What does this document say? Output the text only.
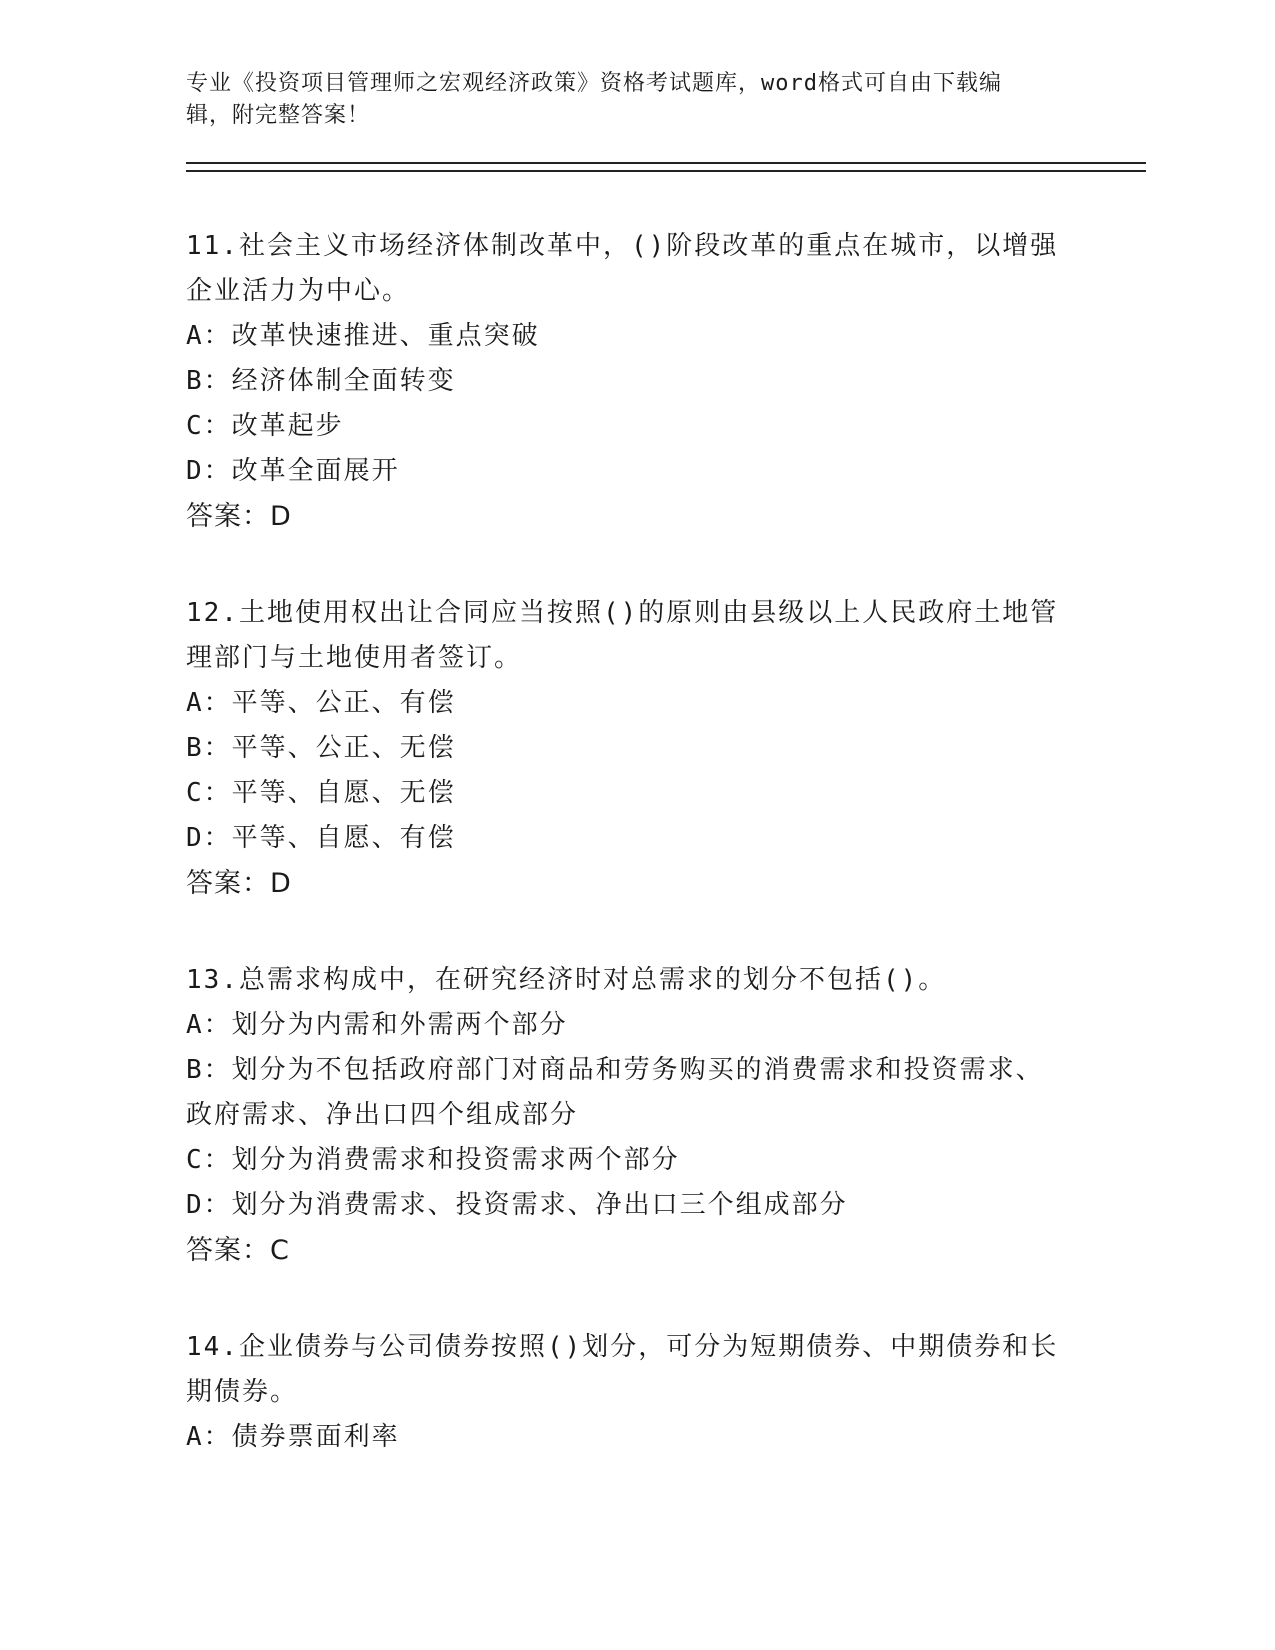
专业《投资项目管理师之宏观经济政策》资格考试题库，word格式可自由下载编

辑，附完整答案！

11.社会主义市场经济体制改革中，()阶段改革的重点在城市，以增强

企业活力为中心。

A：改革快速推进、重点突破

B：经济体制全面转变

C：改革起步

D：改革全面展开

答案：D

12.土地使用权出让合同应当按照()的原则由县级以上人民政府土地管

理部门与土地使用者签订。

A：平等、公正、有偿

B：平等、公正、无偿

C：平等、自愿、无偿

D：平等、自愿、有偿

答案：D

13.总需求构成中，在研究经济时对总需求的划分不包括()。

A：划分为内需和外需两个部分

B：划分为不包括政府部门对商品和劳务购买的消费需求和投资需求、

政府需求、净出口四个组成部分

C：划分为消费需求和投资需求两个部分

D：划分为消费需求、投资需求、净出口三个组成部分

答案：C

14.企业债券与公司债券按照()划分，可分为短期债券、中期债券和长

期债券。

A：债券票面利率
